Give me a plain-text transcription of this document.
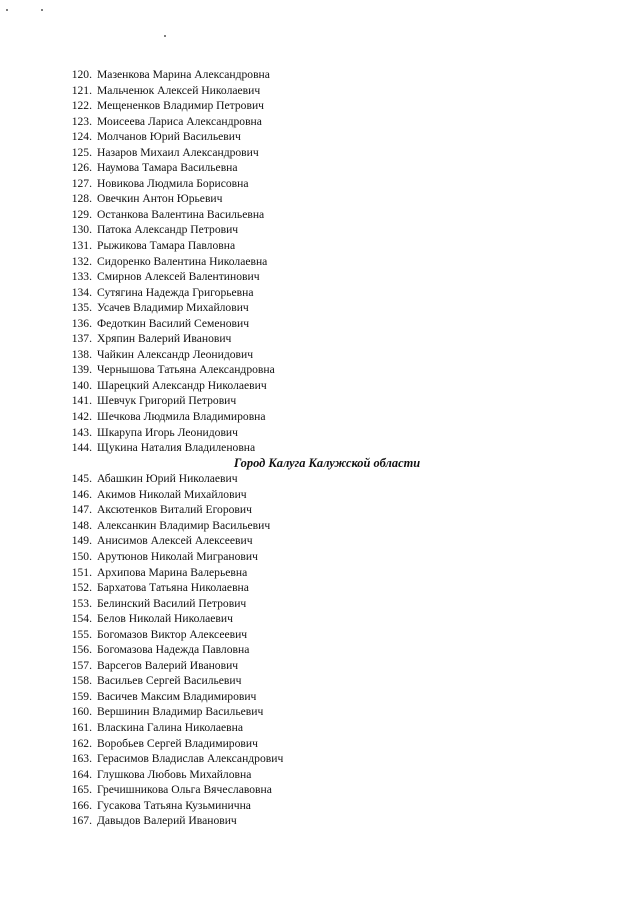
120. Мазенкова Марина Александровна
121. Мальченюк Алексей Николаевич
122. Мещененков Владимир Петрович
123. Моисеева Лариса Александровна
124. Молчанов Юрий Васильевич
125. Назаров Михаил Александрович
126. Наумова Тамара Васильевна
127. Новикова Людмила Борисовна
128. Овечкин Антон Юрьевич
129. Останкова Валентина Васильевна
130. Патока Александр Петрович
131. Рыжикова Тамара Павловна
132. Сидоренко Валентина Николаевна
133. Смирнов Алексей Валентинович
134. Сутягина Надежда Григорьевна
135. Усачев Владимир Михайлович
136. Федоткин Василий Семенович
137. Хряпин Валерий Иванович
138. Чайкин Александр Леонидович
139. Чернышова Татьяна Александровна
140. Шарецкий Александр Николаевич
141. Шевчук Григорий Петрович
142. Шечкова Людмила Владимировна
143. Шкарупа Игорь Леонидович
144. Щукина Наталия Владиленовна
Город Калуга Калужской области
145. Абашкин Юрий Николаевич
146. Акимов Николай Михайлович
147. Аксютенков Виталий Егорович
148. Алексанкин Владимир Васильевич
149. Анисимов Алексей Алексеевич
150. Арутюнов Николай Мигранович
151. Архипова Марина Валерьевна
152. Бархатова Татьяна Николаевна
153. Белинский Василий Петрович
154. Белов Николай Николаевич
155. Богомазов Виктор Алексеевич
156. Богомазова Надежда Павловна
157. Варсегов Валерий Иванович
158. Васильев Сергей Васильевич
159. Васичев Максим Владимирович
160. Вершинин Владимир Васильевич
161. Власкина Галина Николаевна
162. Воробьев Сергей Владимирович
163. Герасимов Владислав Александрович
164. Глушкова Любовь Михайловна
165. Гречишникова Ольга Вячеславовна
166. Гусакова Татьяна Кузьминична
167. Давыдов Валерий Иванович
